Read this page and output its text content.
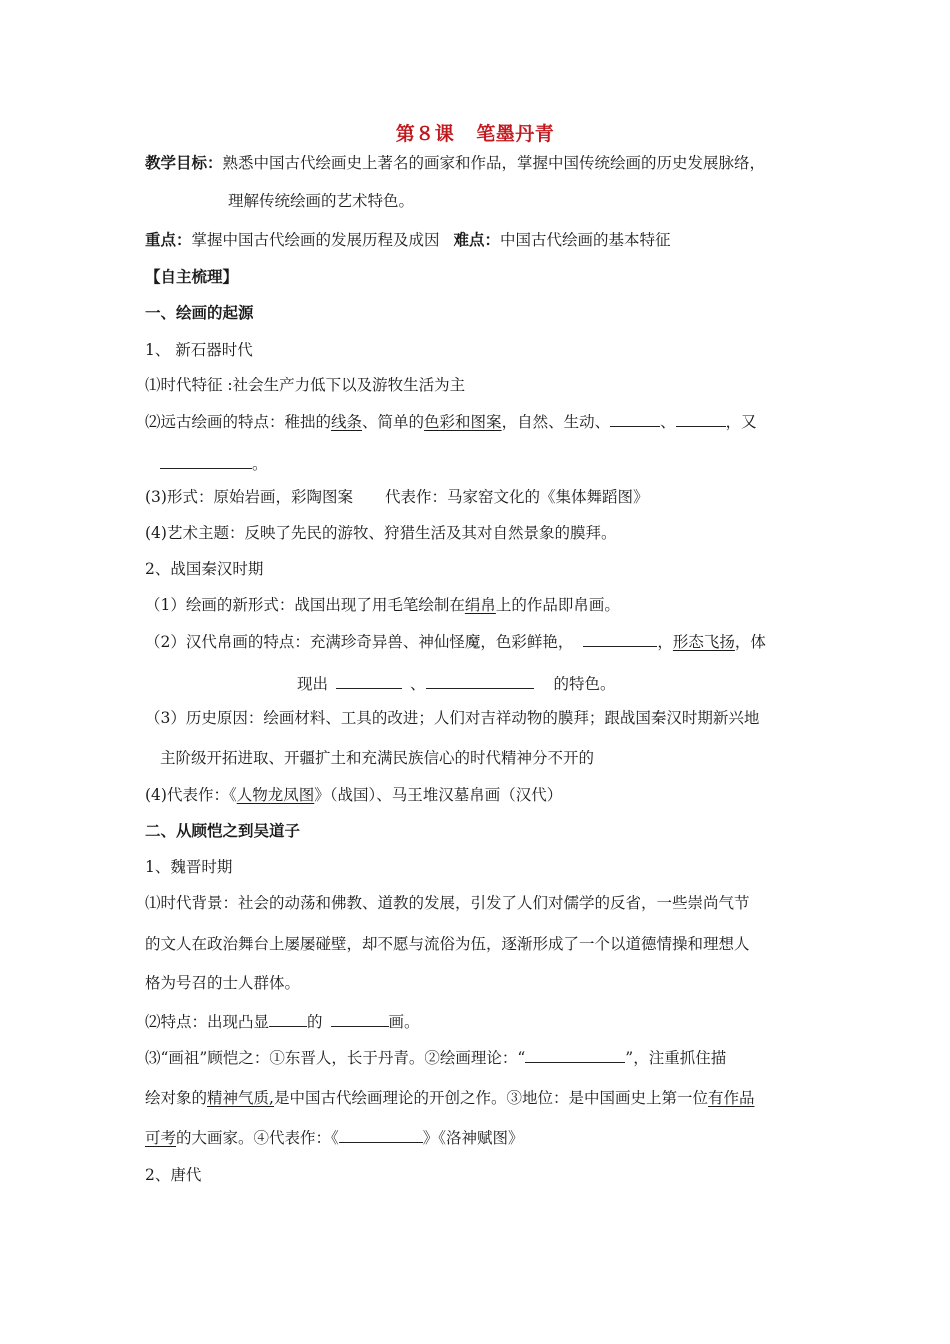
第８课 笔墨丹青
教学目标：熟悉中国古代绘画史上著名的画家和作品，掌握中国传统绘画的历史发展脉络，
理解传统绘画的艺术特色。
重点：掌握中国古代绘画的发展历程及成因 难点：中国古代绘画的基本特征
【自主梳理】
一、绘画的起源
1、 新石器时代
⑴时代特征 :社会生产力低下以及游牧生活为主
⑵远古绘画的特点：稚拙的线条、简单的色彩和图案，自然、生动、	、	，又
。
(3)形式：原始岩画，彩陶图案 代表作：马家窑文化的《集体舞蹈图》
(4)艺术主题：反映了先民的游牧、狩猎生活及其对自然景象的膜拜。
2、战国秦汉时期
（1）绘画的新形式：战国出现了用毛笔绘制在绢帛上的作品即帛画。
（2）汉代帛画的特点：充满珍奇异兽、神仙怪魔，色彩鲜艳，	，形态飞扬，体
现出	、	的特色。
（3）历史原因：绘画材料、工具的改进；人们对吉祥动物的膜拜；跟战国秦汉时期新兴地
主阶级开拓进取、开疆扩土和充满民族信心的时代精神分不开的
(4)代表作：《人物龙凤图》（战国）、马王堆汉墓帛画（汉代）
二、从顾恺之到吴道子
1、魏晋时期
⑴时代背景：社会的动荡和佛教、道教的发展，引发了人们对儒学的反省，一些崇尚气节
的文人在政治舞台上屡屡碰壁，却不愿与流俗为伍，逐渐形成了一个以道德情操和理想人
格为号召的士人群体。
⑵特点：出现凸显 的	画。
⑶“画祖”顾恺之：①东晋人，长于丹青。②绘画理论：“	”，注重抓住描
绘对象的精神气质,是中国古代绘画理论的开创之作。③地位：是中国画史上第一位有作品
可考的大画家。④代表作：《	》《洛神赋图》
2、唐代
